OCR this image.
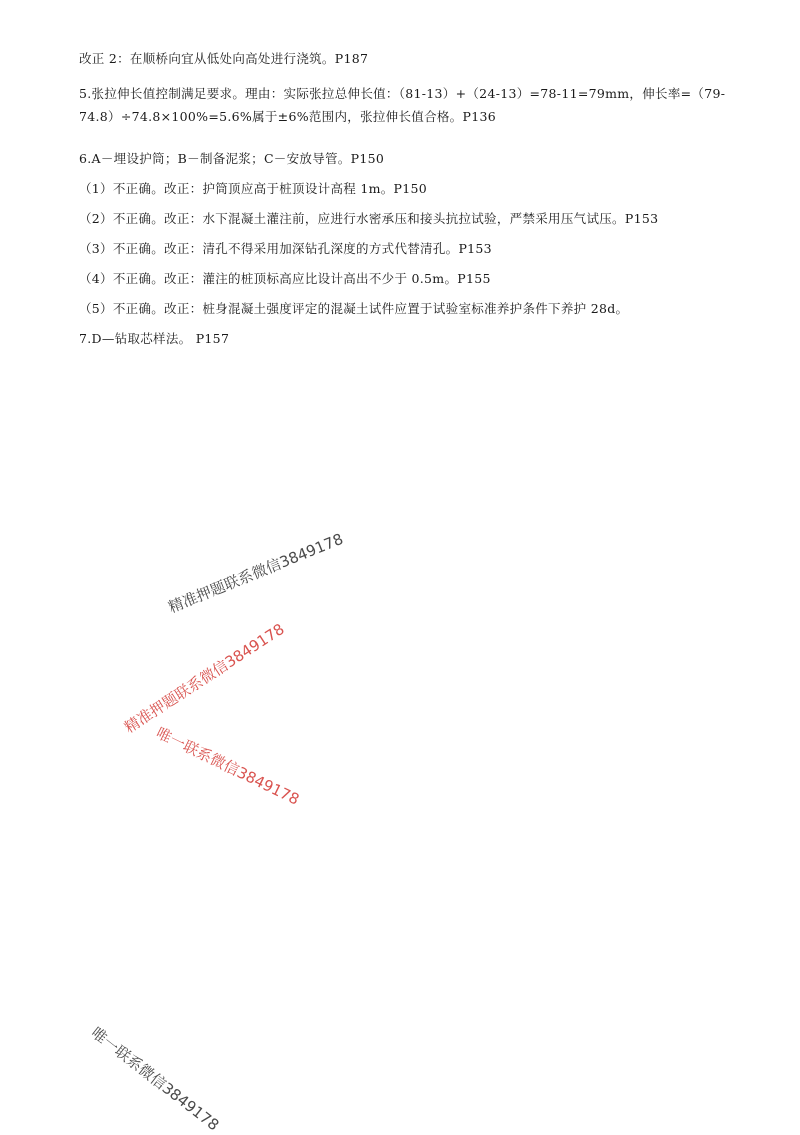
改正 2：在顺桥向宜从低处向高处进行浇筑。P187
5.张拉伸长值控制满足要求。理由：实际张拉总伸长值：（81-13）+（24-13）=78-11=79mm，伸长率=（79-74.8）÷74.8×100%=5.6%属于±6%范围内，张拉伸长值合格。P136
6.A－埋设护筒；B－制备泥浆；C－安放导管。P150
（1）不正确。改正：护筒顶应高于桩顶设计高程 1m。P150
（2）不正确。改正：水下混凝土灌注前，应进行水密承压和接头抗拉试验，严禁采用压气试压。P153
（3）不正确。改正：清孔不得采用加深钻孔深度的方式代替清孔。P153
（4）不正确。改正：灌注的桩顶标高应比设计高出不少于 0.5m。P155
（5）不正确。改正：桩身混凝土强度评定的混凝土试件应置于试验室标准养护条件下养护 28d。
7.D—钻取芯样法。 P157
精准押题联系微信3849178
精准押题联系微信3849178
唯一联系微信3849178
唯一联系微信3849178
